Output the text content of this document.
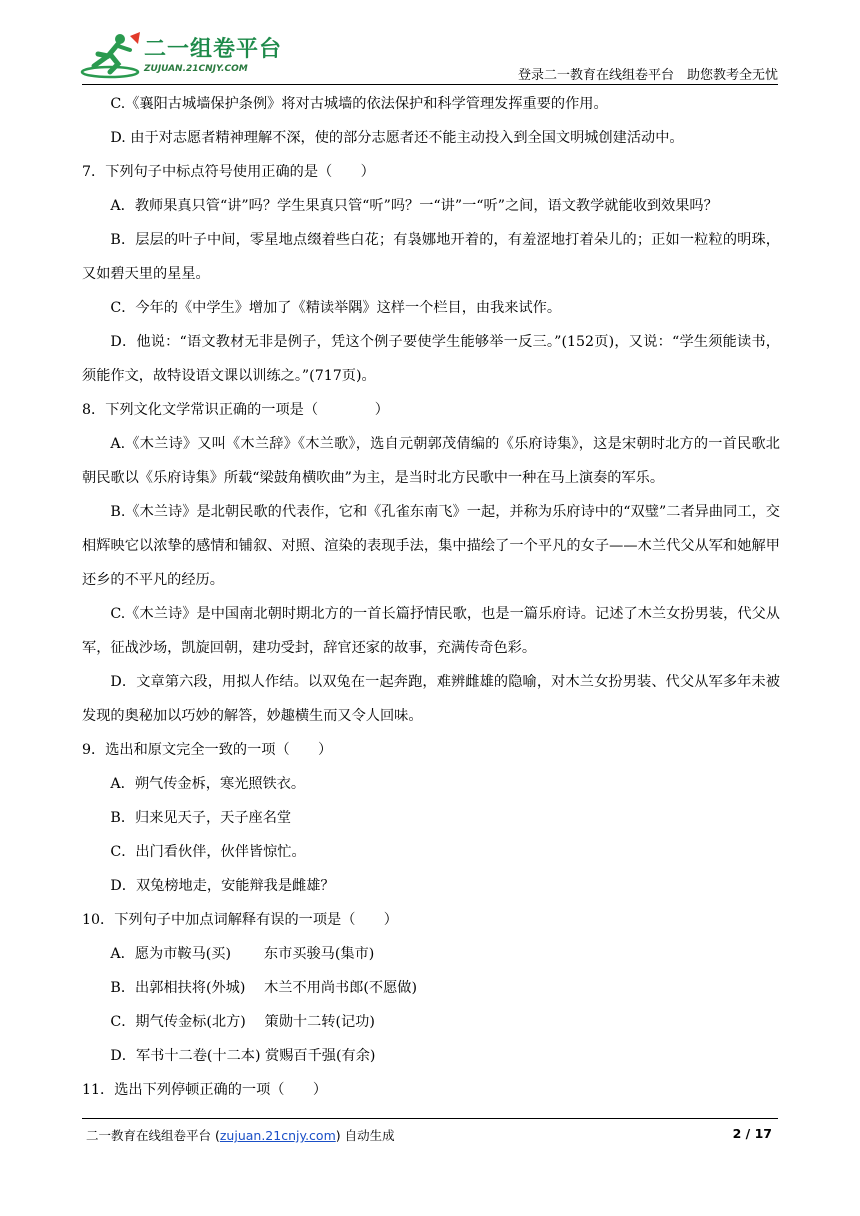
二一组卷平台
ZUJUAN.21CNJY.COM	登录二一教育在线组卷平台　助您教考全无忧

C.《襄阳古城墙保护条例》将对古城墙的依法保护和科学管理发挥重要的作用。

D. 由于对志愿者精神理解不深，使的部分志愿者还不能主动投入到全国文明城创建活动中。

7．下列句子中标点符号使用正确的是（　　）

A．教师果真只管“讲”吗？学生果真只管“听”吗？一“讲”一“听”之间，语文教学就能收到效果吗？

B．层层的叶子中间，零星地点缀着些白花；有袅娜地开着的，有羞涩地打着朵儿的；正如一粒粒的明珠，又如碧天里的星星。

C．今年的《中学生》增加了《精读举隅》这样一个栏目，由我来试作。

D．他说：“语文教材无非是例子，凭这个例子要使学生能够举一反三。”(152页)，又说：“学生须能读书，须能作文，故特设语文课以训练之。”(717页)。

8．下列文化文学常识正确的一项是（　　　　）

A.《木兰诗》又叫《木兰辞》《木兰歌》，选自元朝郭茂倩编的《乐府诗集》，这是宋朝时北方的一首民歌北朝民歌以《乐府诗集》所载“梁鼓角横吹曲”为主，是当时北方民歌中一种在马上演奏的军乐。

B.《木兰诗》是北朝民歌的代表作，它和《孔雀东南飞》一起，并称为乐府诗中的“双璧”二者异曲同工，交相辉映它以浓挚的感情和铺叙、对照、渲染的表现手法，集中描绘了一个平凡的女子——木兰代父从军和她解甲还乡的不平凡的经历。

C.《木兰诗》是中国南北朝时期北方的一首长篇抒情民歌，也是一篇乐府诗。记述了木兰女扮男装，代父从军，征战沙场，凯旋回朝，建功受封，辞官还家的故事，充满传奇色彩。

D．文章第六段，用拟人作结。以双兔在一起奔跑，难辨雌雄的隐喻，对木兰女扮男装、代父从军多年未被发现的奥秘加以巧妙的解答，妙趣横生而又令人回味。

9．选出和原文完全一致的一项（　　）

A．朔气传金柝，寒光照铁衣。

B．归来见天子，天子座名堂

C．出门看伙伴，伙伴皆惊忙。

D．双兔榜地走，安能辩我是雌雄？

10．下列句子中加点词解释有误的一项是（　　）

A．愿为市鞍马(买)　　 东市买骏马(集市)

B．出郭相扶将(外城)　 木兰不用尚书郎(不愿做)

C．期气传金标(北方)　 策勋十二转(记功)

D．军书十二卷(十二本) 赏赐百千强(有余)

11．选出下列停顿正确的一项（　　）

二一教育在线组卷平台 (zujuan.21cnjy.com) 自动生成	2 / 17
